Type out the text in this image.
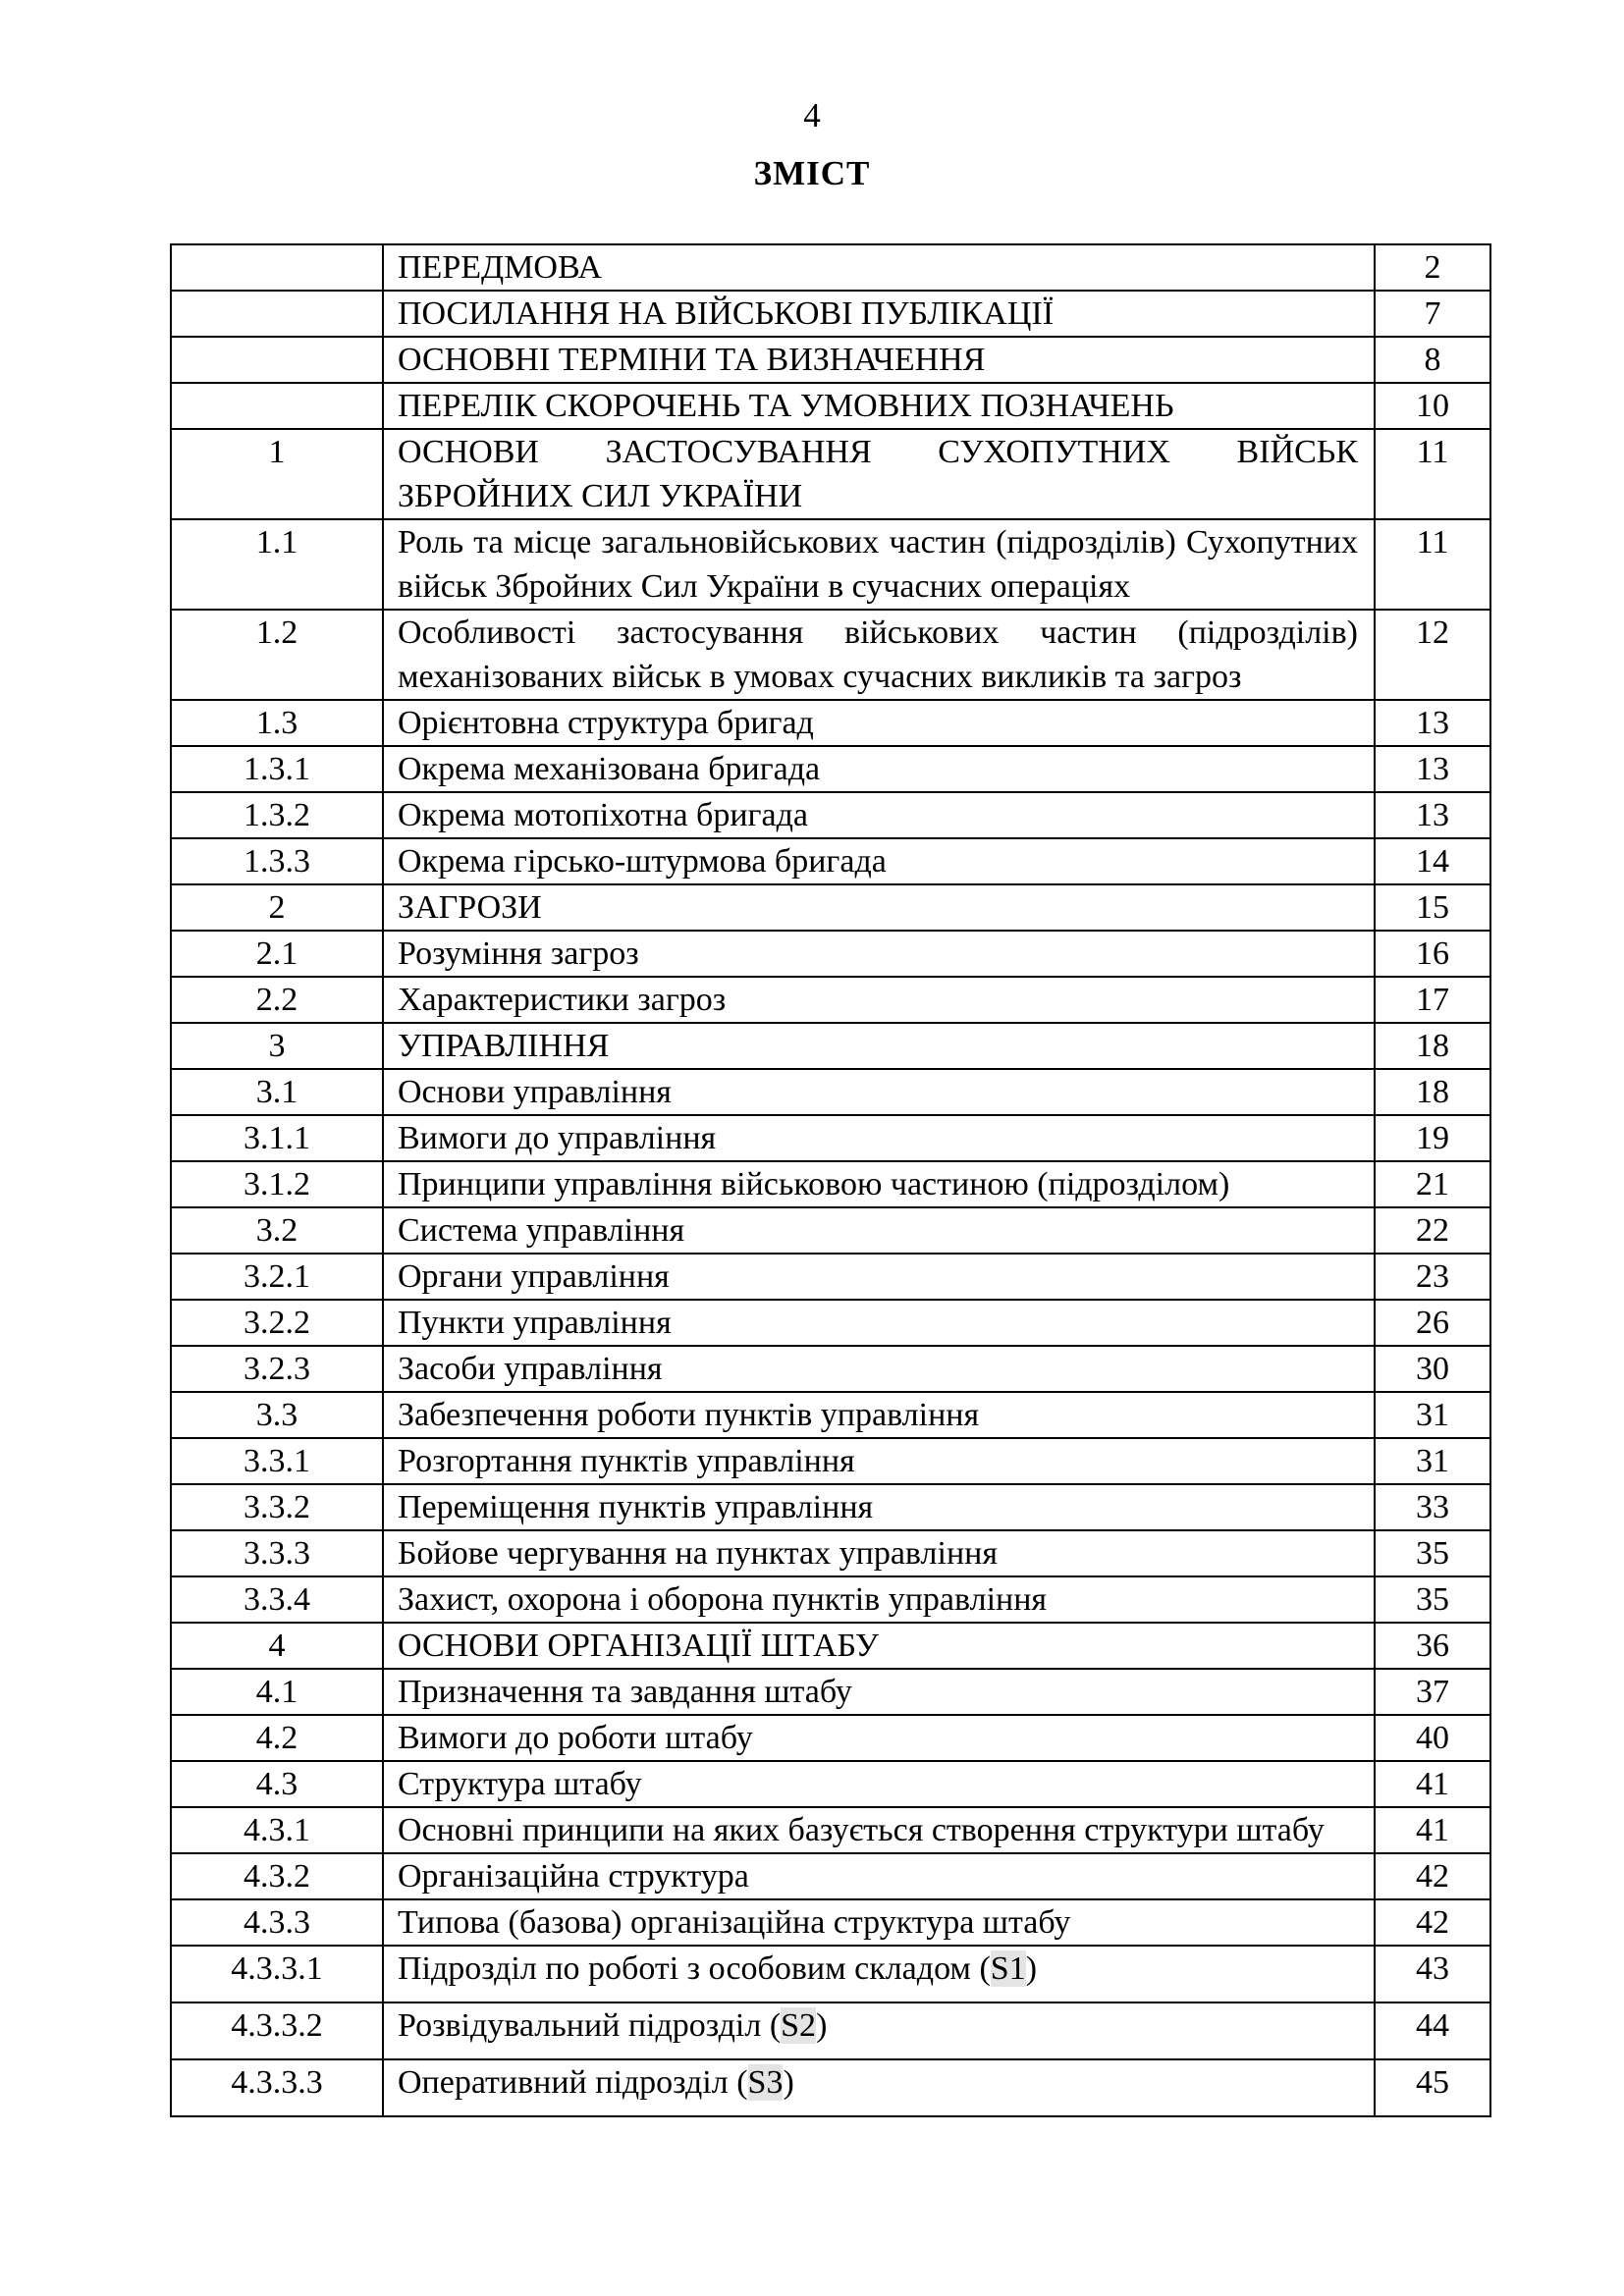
4
ЗМІСТ
	ПЕРЕДМОВА	2
	ПОСИЛАННЯ НА ВІЙСЬКОВІ ПУБЛІКАЦІЇ	7
	ОСНОВНІ ТЕРМІНИ ТА ВИЗНАЧЕННЯ	8
	ПЕРЕЛІК СКОРОЧЕНЬ ТА УМОВНИХ ПОЗНАЧЕНЬ	10
1	ОСНОВИ ЗАСТОСУВАННЯ СУХОПУТНИХ ВІЙСЬК ЗБРОЙНИХ СИЛ УКРАЇНИ	11
1.1	Роль та місце загальновійськових частин (підрозділів) Сухопутних військ Збройних Сил України в сучасних операціях	11
1.2	Особливості застосування військових частин (підрозділів) механізованих військ в умовах сучасних викликів та загроз	12
1.3	Орієнтовна структура бригад	13
1.3.1	Окрема механізована бригада	13
1.3.2	Окрема мотопіхотна бригада	13
1.3.3	Окрема гірсько-штурмова бригада	14
2	ЗАГРОЗИ	15
2.1	Розуміння загроз	16
2.2	Характеристики загроз	17
3	УПРАВЛІННЯ	18
3.1	Основи управління	18
3.1.1	Вимоги до управління	19
3.1.2	Принципи управління військовою частиною (підрозділом)	21
3.2	Система управління	22
3.2.1	Органи управління	23
3.2.2	Пункти управління	26
3.2.3	Засоби управління	30
3.3	Забезпечення роботи пунктів управління	31
3.3.1	Розгортання пунктів управління	31
3.3.2	Переміщення пунктів управління	33
3.3.3	Бойове чергування на пунктах управління	35
3.3.4	Захист, охорона і оборона пунктів управління	35
4	ОСНОВИ ОРГАНІЗАЦІЇ ШТАБУ	36
4.1	Призначення та завдання штабу	37
4.2	Вимоги до роботи штабу	40
4.3	Структура штабу	41
4.3.1	Основні принципи на яких базується створення структури штабу	41
4.3.2	Організаційна структура	42
4.3.3	Типова (базова) організаційна структура штабу	42
4.3.3.1	Підрозділ по роботі з особовим складом (S1)	43
4.3.3.2	Розвідувальний підрозділ (S2)	44
4.3.3.3	Оперативний підрозділ (S3)	45
